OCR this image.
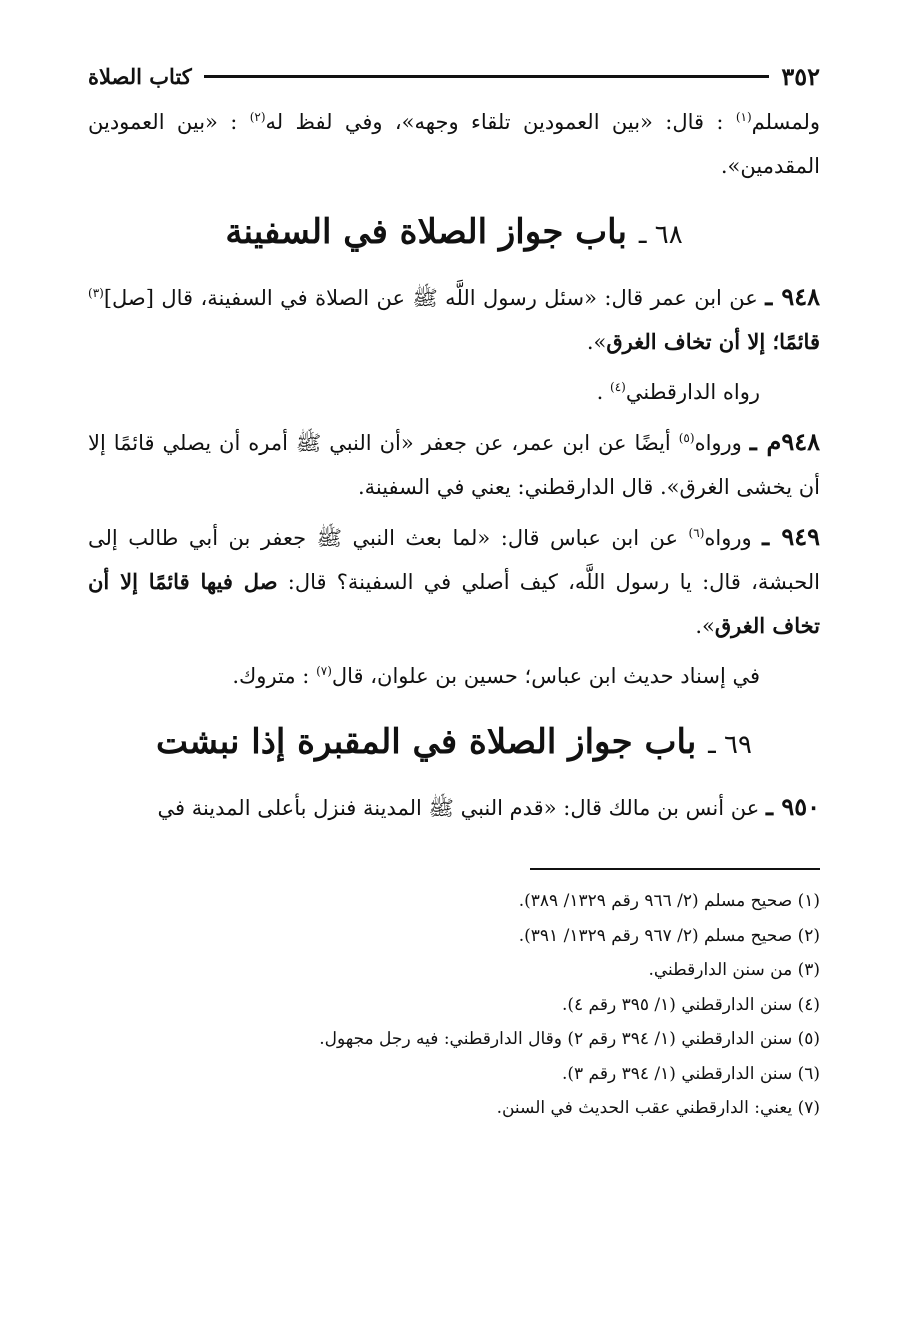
٣٥٢
كتاب الصلاة

ولمسلم$^{(١)}$ : قال: «بين العمودين تلقاء وجهه»، وفي لفظ له$^{(٢)}$ : «بين العمودين المقدمين».

٦٨ ـ باب جواز الصلاة في السفينة

٩٤٨ ـ عن ابن عمر قال: «سئل رسول اللَّه ﷺ عن الصلاة في السفينة، قال [صل]$^{(٣)}$ قائمًا؛ إلا أن تخاف الغرق».

رواه الدارقطني$^{(٤)}$ .

٩٤٨م ـ ورواه$^{(٥)}$ أيضًا عن ابن عمر، عن جعفر «أن النبي ﷺ أمره أن يصلي قائمًا إلا أن يخشى الغرق». قال الدارقطني: يعني في السفينة.

٩٤٩ ـ ورواه$^{(٦)}$ عن ابن عباس قال: «لما بعث النبي ﷺ جعفر بن أبي طالب إلى الحبشة، قال: يا رسول اللَّه، كيف أصلي في السفينة؟ قال: صل فيها قائمًا إلا أن تخاف الغرق».

في إسناد حديث ابن عباس؛ حسين بن علوان، قال$^{(٧)}$ : متروك.

٦٩ ـ باب جواز الصلاة في المقبرة إذا نبشت

٩٥٠ ـ عن أنس بن مالك قال: «قدم النبي ﷺ المدينة فنزل بأعلى المدينة في

(١) صحيح مسلم (٢/ ٩٦٦ رقم ١٣٢٩/ ٣٨٩).
(٢) صحيح مسلم (٢/ ٩٦٧ رقم ١٣٢٩/ ٣٩١).
(٣) من سنن الدارقطني.
(٤) سنن الدارقطني (١/ ٣٩٥ رقم ٤).
(٥) سنن الدارقطني (١/ ٣٩٤ رقم ٢) وقال الدارقطني: فيه رجل مجهول.
(٦) سنن الدارقطني (١/ ٣٩٤ رقم ٣).
(٧) يعني: الدارقطني عقب الحديث في السنن.
